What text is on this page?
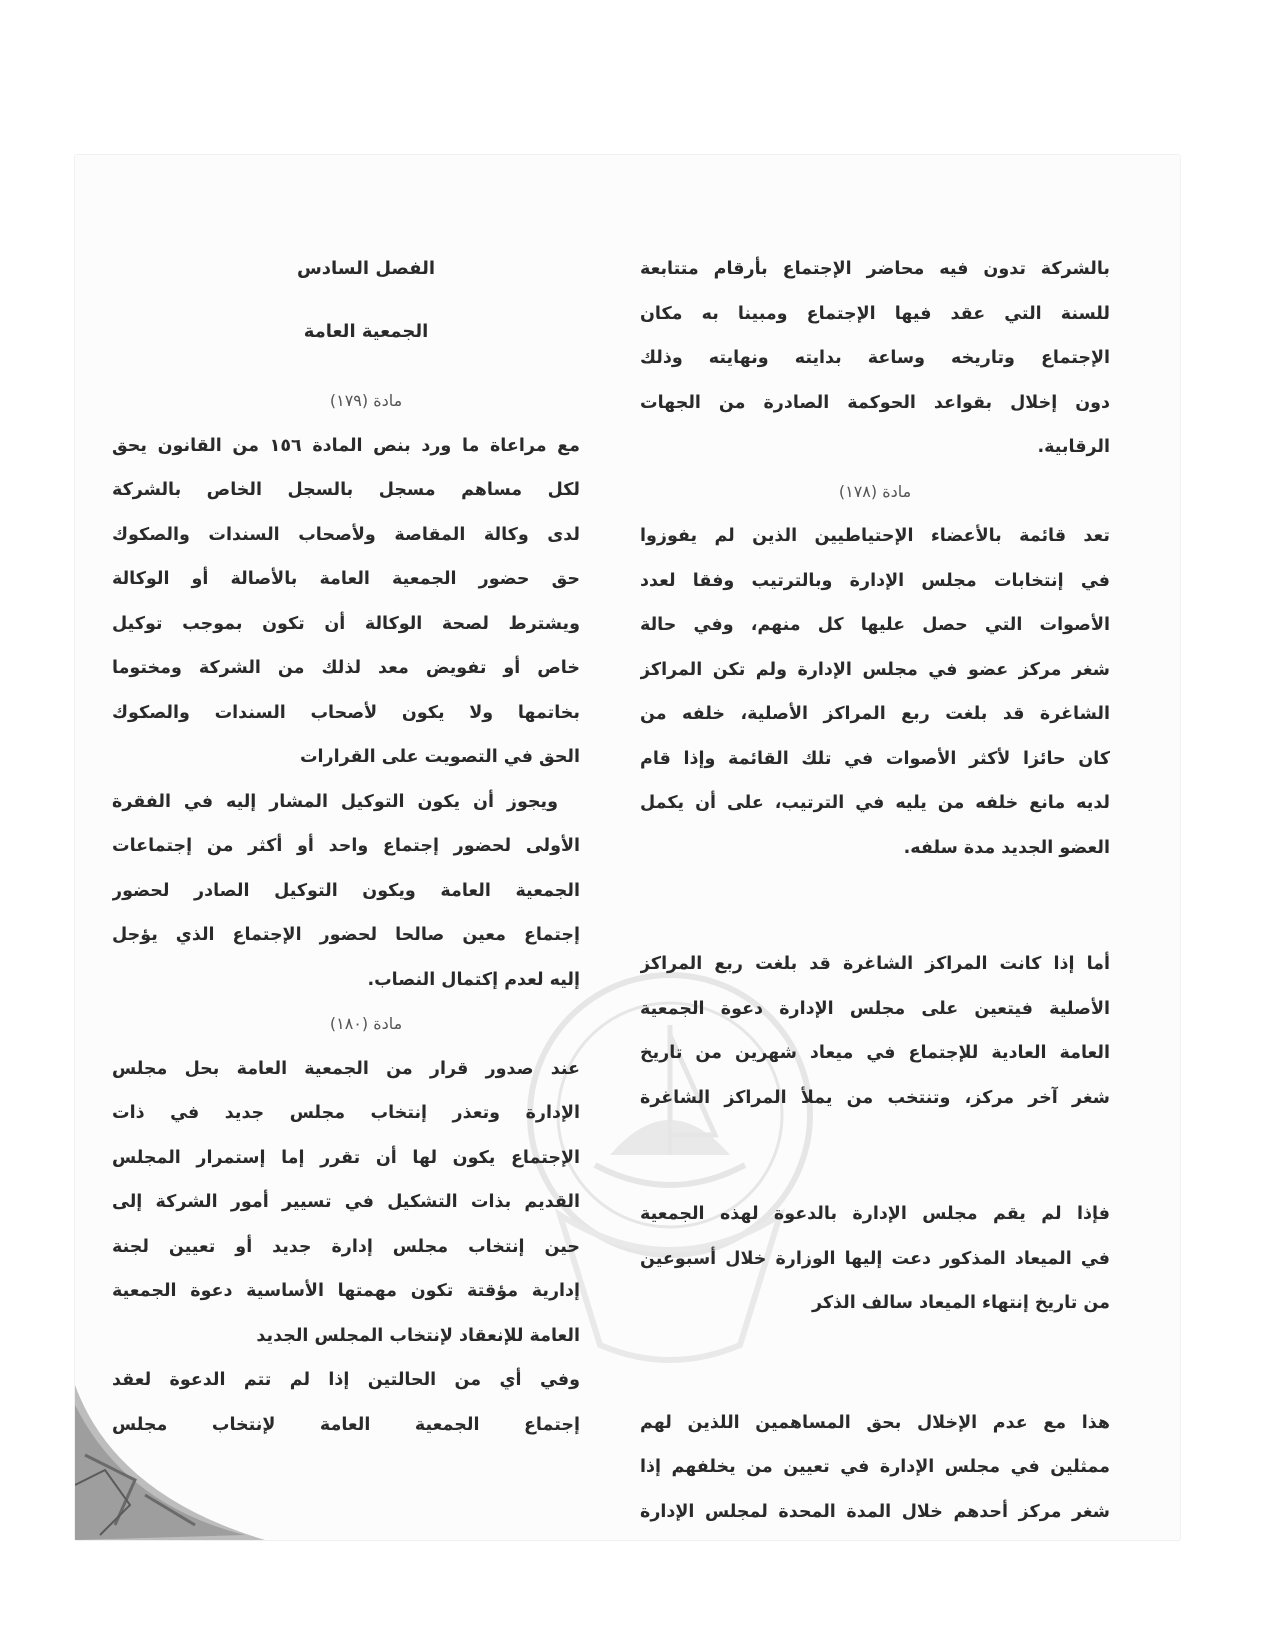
بالشركة تدون فيه محاضر الإجتماع بأرقام متتابعة
للسنة التي عقد فيها الإجتماع ومبينا به مكان
الإجتماع وتاريخه وساعة بدايته ونهايته وذلك
دون إخلال بقواعد الحوكمة الصادرة من الجهات
الرقابية.
مادة (١٧٨)
تعد قائمة بالأعضاء الإحتياطيين الذين لم يفوزوا
في إنتخابات مجلس الإدارة وبالترتيب وفقا لعدد
الأصوات التي حصل عليها كل منهم، وفي حالة
شغر مركز عضو في مجلس الإدارة ولم تكن المراكز
الشاغرة قد بلغت ربع المراكز الأصلية، خلفه من
كان حائزا لأكثر الأصوات في تلك القائمة وإذا قام
لديه مانع خلفه من يليه في الترتيب، على أن يكمل
العضو الجديد مدة سلفه.
أما إذا كانت المراكز الشاغرة قد بلغت ربع المراكز
الأصلية فيتعين على مجلس الإدارة دعوة الجمعية
العامة العادية للإجتماع في ميعاد شهرين من تاريخ
شغر آخر مركز، وتنتخب من يملأ المراكز الشاغرة
فإذا لم يقم مجلس الإدارة بالدعوة لهذه الجمعية
في الميعاد المذكور دعت إليها الوزارة خلال أسبوعين
من تاريخ إنتهاء الميعاد سالف الذكر
هذا مع عدم الإخلال بحق المساهمين اللذين لهم
ممثلين في مجلس الإدارة في تعيين من يخلفهم إذا
شغر مركز أحدهم خلال المدة المحدة لمجلس الإدارة
الفصل السادس
الجمعية العامة
مادة (١٧٩)
مع مراعاة ما ورد بنص المادة ١٥٦ من القانون يحق
لكل مساهم مسجل بالسجل الخاص بالشركة
لدى وكالة المقاصة ولأصحاب السندات والصكوك
حق حضور الجمعية العامة بالأصالة أو الوكالة
ويشترط لصحة الوكالة أن تكون بموجب توكيل
خاص أو تفويض معد لذلك من الشركة ومختوما
بخاتمها ولا يكون لأصحاب السندات والصكوك
الحق في التصويت على القرارات
ويجوز أن يكون التوكيل المشار إليه في الفقرة
الأولى لحضور إجتماع واحد أو أكثر من إجتماعات
الجمعية العامة ويكون التوكيل الصادر لحضور
إجتماع معين صالحا لحضور الإجتماع الذي يؤجل
إليه لعدم إكتمال النصاب.
مادة (١٨٠)
عند صدور قرار من الجمعية العامة بحل مجلس
الإدارة وتعذر إنتخاب مجلس جديد في ذات
الإجتماع يكون لها أن تقرر إما إستمرار المجلس
القديم بذات التشكيل في تسيير أمور الشركة إلى
حين إنتخاب مجلس إدارة جديد أو تعيين لجنة
إدارية مؤقتة تكون مهمتها الأساسية دعوة الجمعية
العامة للإنعقاد لإنتخاب المجلس الجديد
وفي أي من الحالتين إذا لم تتم الدعوة لعقد
إجتماع الجمعية العامة لإنتخاب مجلس
